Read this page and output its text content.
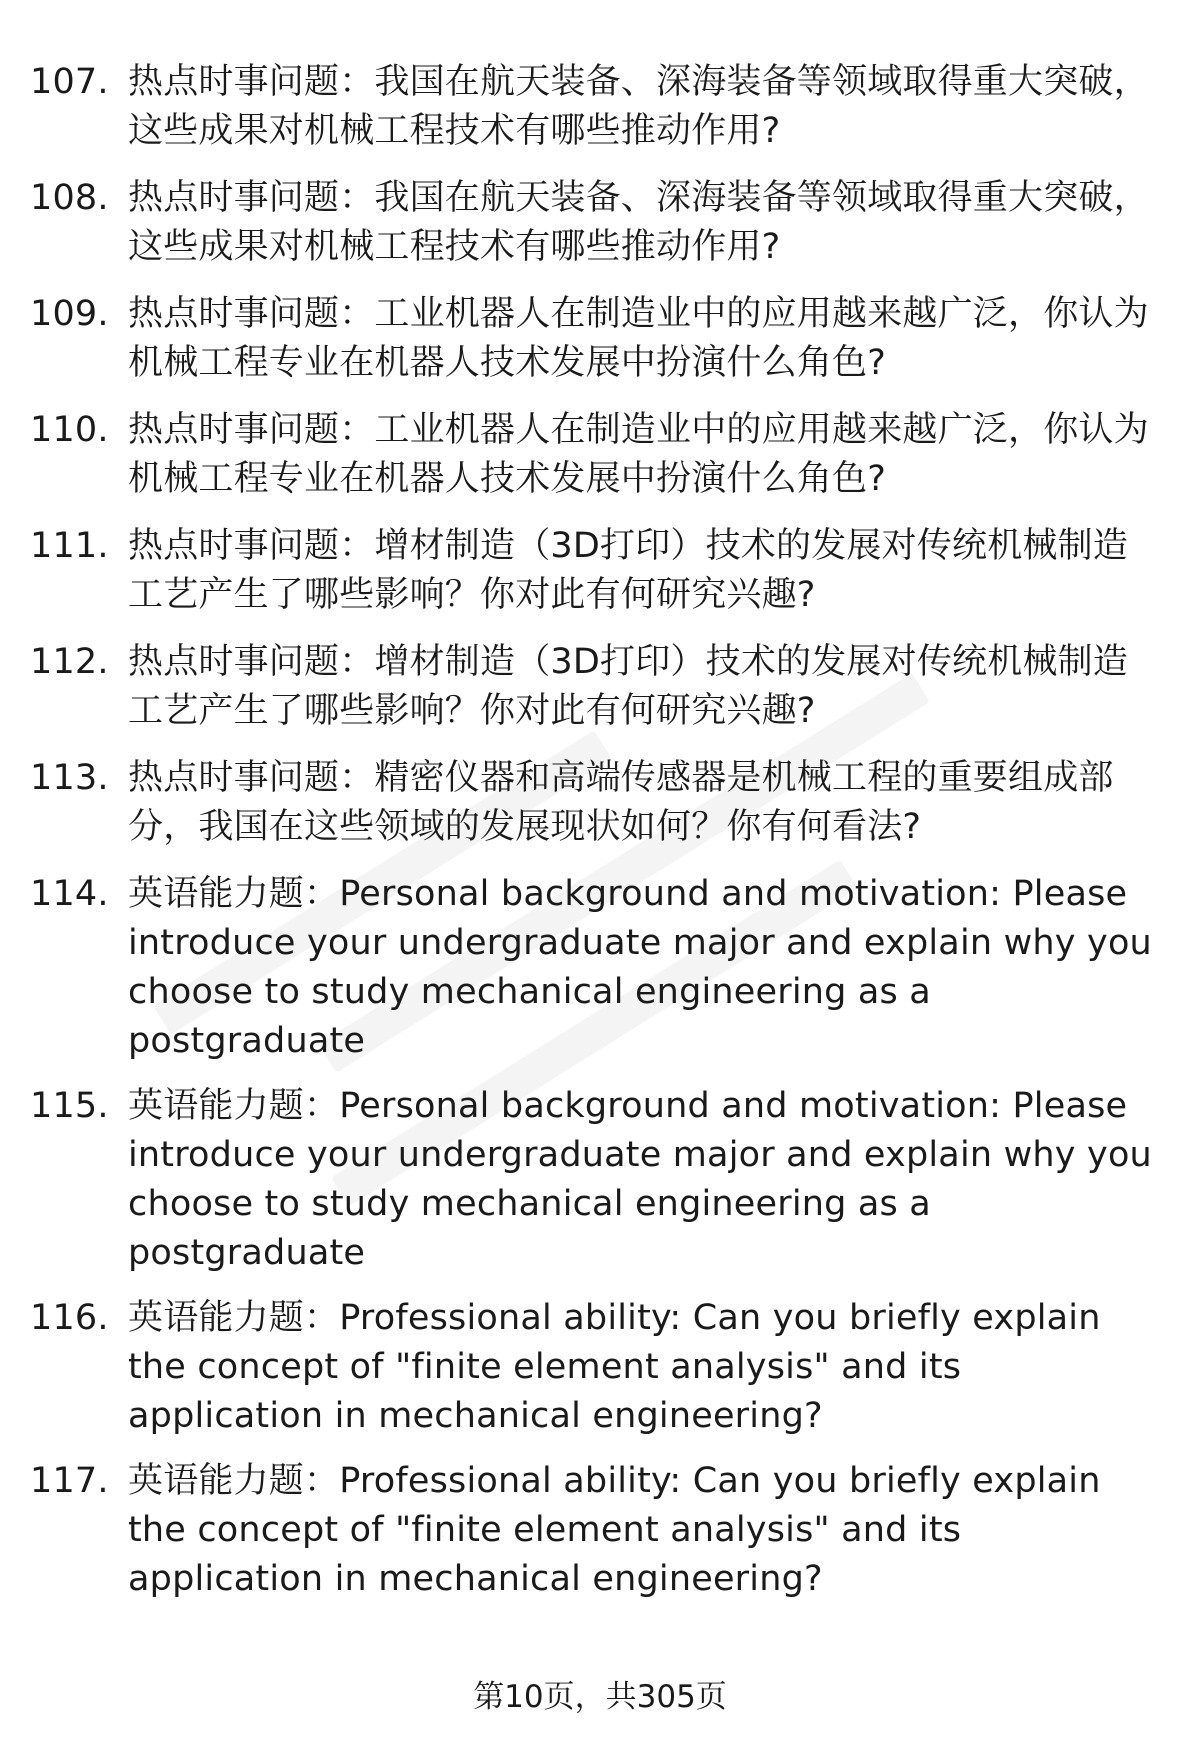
107. 热点时事问题：我国在航天装备、深海装备等领域取得重大突破，这些成果对机械工程技术有哪些推动作用?
108. 热点时事问题：我国在航天装备、深海装备等领域取得重大突破，这些成果对机械工程技术有哪些推动作用?
109. 热点时事问题：工业机器人在制造业中的应用越来越广泛，你认为机械工程专业在机器人技术发展中扮演什么角色?
110. 热点时事问题：工业机器人在制造业中的应用越来越广泛，你认为机械工程专业在机器人技术发展中扮演什么角色?
111. 热点时事问题：增材制造（3D打印）技术的发展对传统机械制造工艺产生了哪些影响？你对此有何研究兴趣?
112. 热点时事问题：增材制造（3D打印）技术的发展对传统机械制造工艺产生了哪些影响？你对此有何研究兴趣?
113. 热点时事问题：精密仪器和高端传感器是机械工程的重要组成部分，我国在这些领域的发展现状如何？你有何看法?
114. 英语能力题：Personal background and motivation: Please introduce your undergraduate major and explain why you choose to study mechanical engineering as a postgraduate
115. 英语能力题：Personal background and motivation: Please introduce your undergraduate major and explain why you choose to study mechanical engineering as a postgraduate
116. 英语能力题：Professional ability: Can you briefly explain the concept of "finite element analysis" and its application in mechanical engineering?
117. 英语能力题：Professional ability: Can you briefly explain the concept of "finite element analysis" and its application in mechanical engineering?
第10页，共305页
